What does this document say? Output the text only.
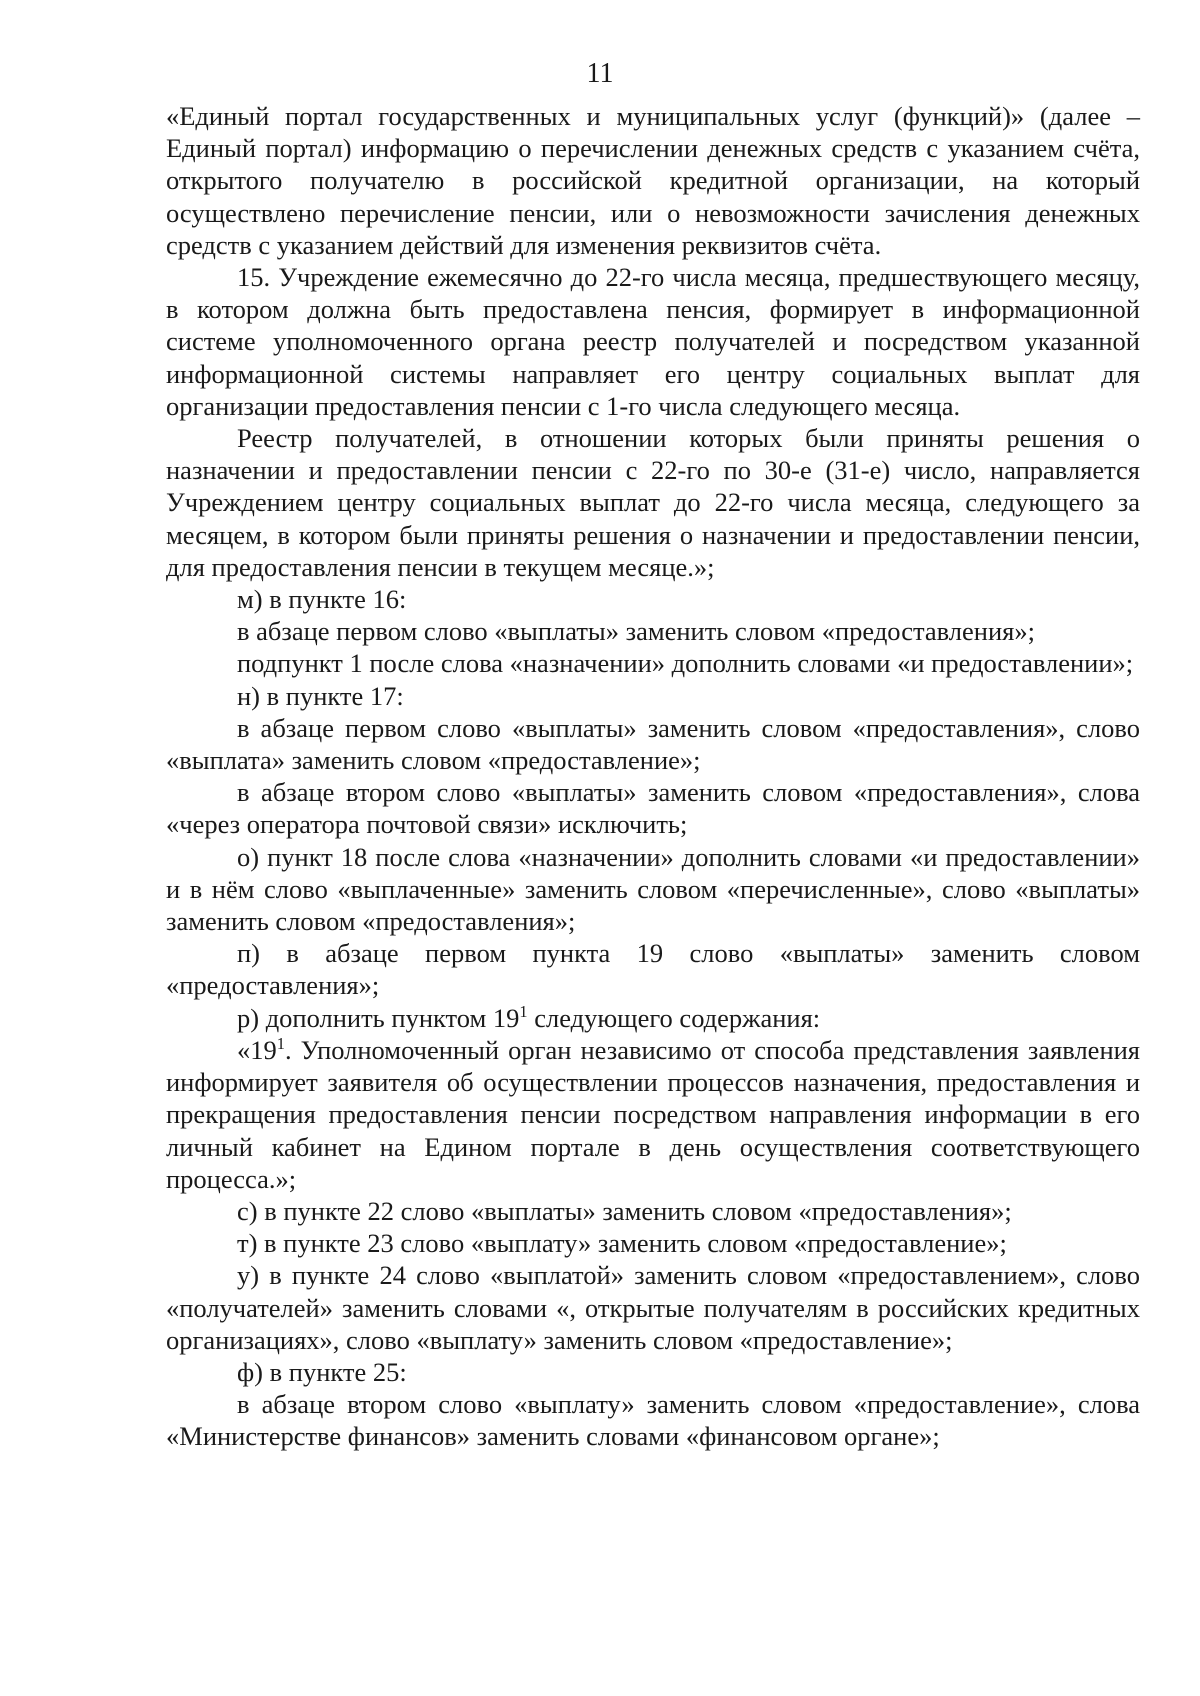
11

«Единый портал государственных и муниципальных услуг (функций)» (далее – Единый портал) информацию о перечислении денежных средств с указанием счёта, открытого получателю в российской кредитной организации, на который осуществлено перечисление пенсии, или о невозможности зачисления денежных средств с указанием действий для изменения реквизитов счёта.

15. Учреждение ежемесячно до 22-го числа месяца, предшествующего месяцу, в котором должна быть предоставлена пенсия, формирует в информационной системе уполномоченного органа реестр получателей и посредством указанной информационной системы направляет его центру социальных выплат для организации предоставления пенсии с 1-го числа следующего месяца.

Реестр получателей, в отношении которых были приняты решения о назначении и предоставлении пенсии с 22-го по 30-е (31-е) число, направляется Учреждением центру социальных выплат до 22-го числа месяца, следующего за месяцем, в котором были приняты решения о назначении и предоставлении пенсии, для предоставления пенсии в текущем месяце.»;

м) в пункте 16:

в абзаце первом слово «выплаты» заменить словом «предоставления»;

подпункт 1 после слова «назначении» дополнить словами «и предоставлении»;

н) в пункте 17:

в абзаце первом слово «выплаты» заменить словом «предоставления», слово «выплата» заменить словом «предоставление»;

в абзаце втором слово «выплаты» заменить словом «предоставления», слова «через оператора почтовой связи» исключить;

о) пункт 18 после слова «назначении» дополнить словами «и предоставлении» и в нём слово «выплаченные» заменить словом «перечисленные», слово «выплаты» заменить словом «предоставления»;

п) в абзаце первом пункта 19 слово «выплаты» заменить словом «предоставления»;

р) дополнить пунктом $19^1$ следующего содержания:

«$19^1$. Уполномоченный орган независимо от способа представления заявления информирует заявителя об осуществлении процессов назначения, предоставления и прекращения предоставления пенсии посредством направления информации в его личный кабинет на Едином портале в день осуществления соответствующего процесса.»;

с) в пункте 22 слово «выплаты» заменить словом «предоставления»;

т) в пункте 23 слово «выплату» заменить словом «предоставление»;

у) в пункте 24 слово «выплатой» заменить словом «предоставлением», слово «получателей» заменить словами «, открытые получателям в российских кредитных организациях», слово «выплату» заменить словом «предоставление»;

ф) в пункте 25:

в абзаце втором слово «выплату» заменить словом «предоставление», слова «Министерстве финансов» заменить словами «финансовом органе»;
